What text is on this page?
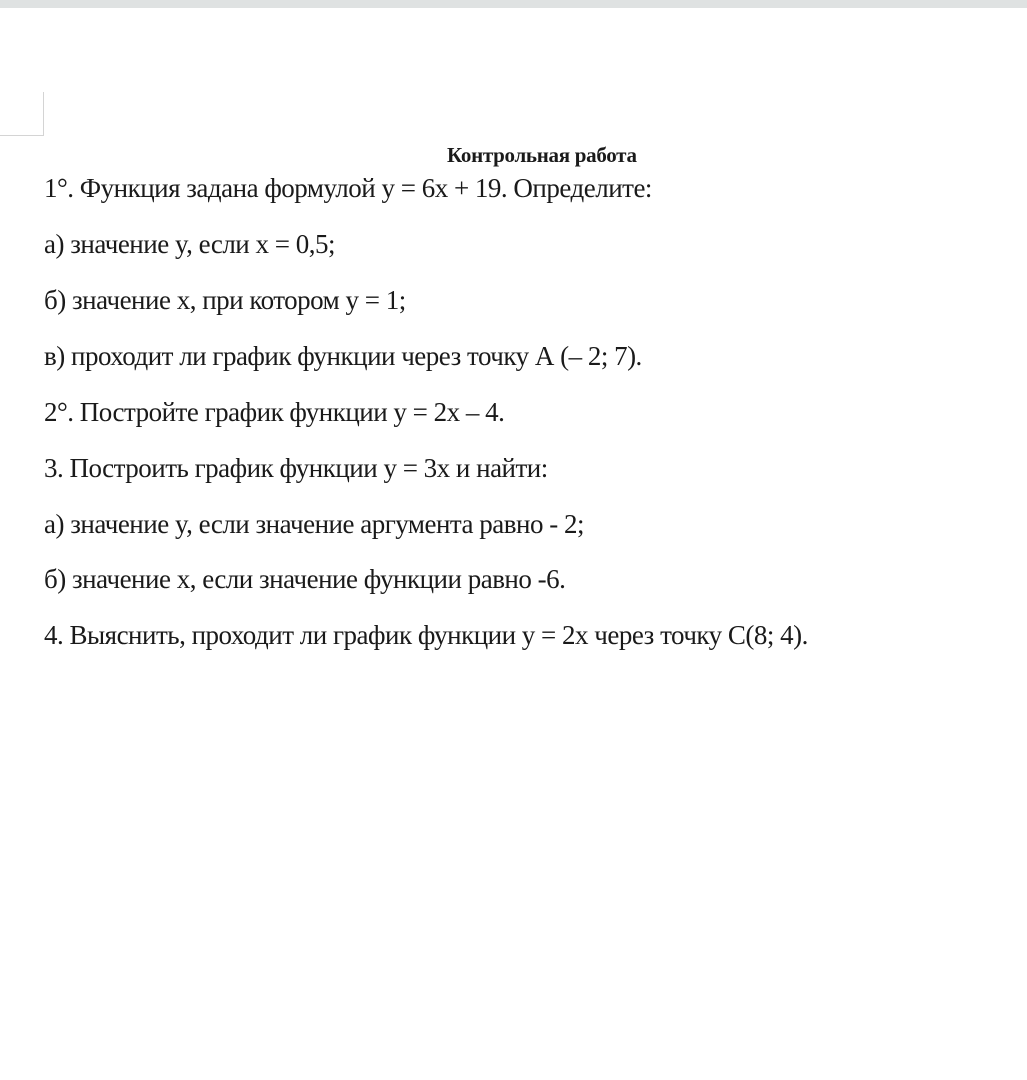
Контрольная работа
1°. Функция задана формулой y = 6x + 19. Определите:
а) значение y, если x = 0,5;
б) значение x, при котором y = 1;
в) проходит ли график функции через точку А (– 2; 7).
2°. Постройте график функции y = 2x – 4.
3. Построить график функции y = 3x и найти:
а) значение y, если значение аргумента равно - 2;
б) значение х, если значение функции равно -6.
4. Выяснить, проходит ли график функции y = 2x через точку С(8; 4).
